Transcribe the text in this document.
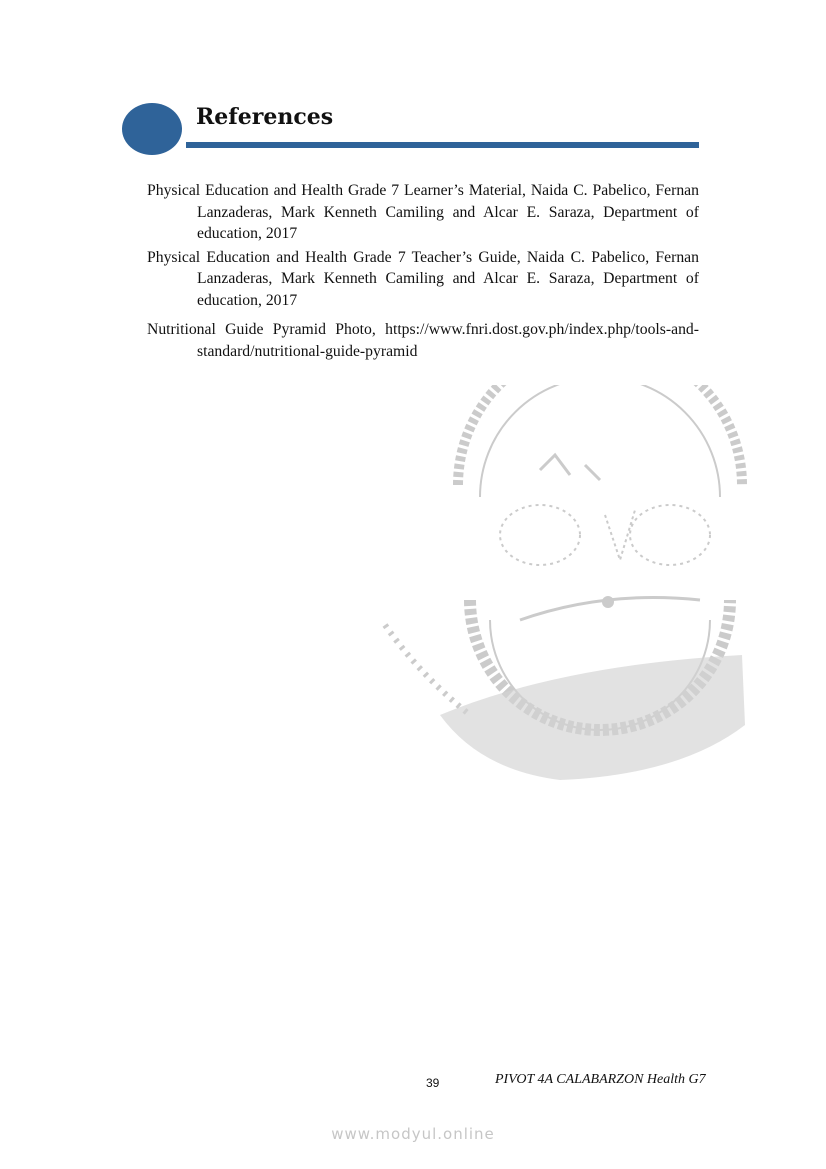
References

Physical Education and Health Grade 7 Learner’s Material, Naida C. Pabelico, Fernan Lanzaderas, Mark Kenneth Camiling and Alcar E. Saraza, Department of education, 2017

Physical Education and Health Grade 7 Teacher’s Guide, Naida C. Pabelico, Fernan Lanzaderas, Mark Kenneth Camiling and Alcar E. Saraza, Department of education, 2017

Nutritional Guide Pyramid Photo, https://www.fnri.dost.gov.ph/index.php/tools-and-standard/nutritional-guide-pyramid

39	PIVOT 4A CALABARZON Health G7
www.modyul.online
